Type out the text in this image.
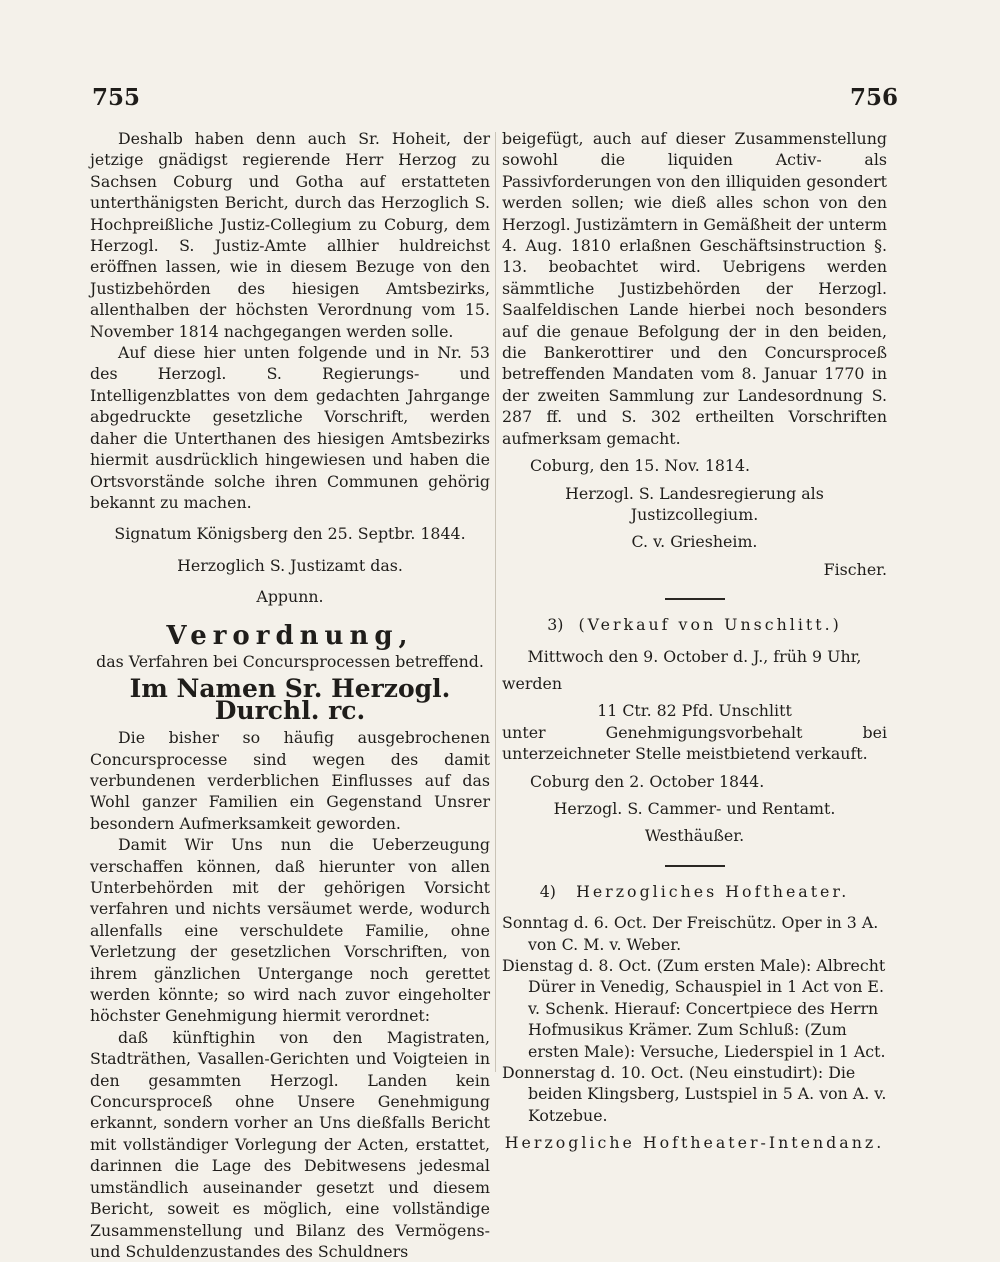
755	756

Deshalb haben denn auch Sr. Hoheit, der jetzige gnädigst regierende Herr Herzog zu Sachsen Coburg und Gotha auf erstatteten unterthänigsten Bericht, durch das Herzoglich S. Hochpreißliche Justiz-Collegium zu Coburg, dem Herzogl. S. Justiz-Amte allhier huldreichst eröffnen lassen, wie in diesem Bezuge von den Justizbehörden des hiesigen Amtsbezirks, allenthalben der höchsten Verordnung vom 15. November 1814 nachgegangen werden solle.

Auf diese hier unten folgende und in Nr. 53 des Herzogl. S. Regierungs- und Intelligenzblattes von dem gedachten Jahrgange abgedruckte gesetzliche Vorschrift, werden daher die Unterthanen des hiesigen Amtsbezirks hiermit ausdrücklich hingewiesen und haben die Ortsvorstände solche ihren Communen gehörig bekannt zu machen.

Signatum Königsberg den 25. Septbr. 1844.

Herzoglich S. Justizamt das.

Appunn.

Verordnung,

das Verfahren bei Concursprocessen betreffend.

Im Namen Sr. Herzogl. Durchl. rc.

Die bisher so häufig ausgebrochenen Concursprocesse sind wegen des damit verbundenen verderblichen Einflusses auf das Wohl ganzer Familien ein Gegenstand Unsrer besondern Aufmerksamkeit geworden.

Damit Wir Uns nun die Ueberzeugung verschaffen können, daß hierunter von allen Unterbehörden mit der gehörigen Vorsicht verfahren und nichts versäumet werde, wodurch allenfalls eine verschuldete Familie, ohne Verletzung der gesetzlichen Vorschriften, von ihrem gänzlichen Untergange noch gerettet werden könnte; so wird nach zuvor eingeholter höchster Genehmigung hiermit verordnet:

daß künftighin von den Magistraten, Stadträthen, Vasallen-Gerichten und Voigteien in den gesammten Herzogl. Landen kein Concursproceß ohne Unsere Genehmigung erkannt, sondern vorher an Uns dießfalls Bericht mit vollständiger Vorlegung der Acten, erstattet, darinnen die Lage des Debitwesens jedesmal umständlich auseinander gesetzt und diesem Bericht, soweit es möglich, eine vollständige Zusammenstellung und Bilanz des Vermögens- und Schuldenzustandes des Schuldners

beigefügt, auch auf dieser Zusammenstellung sowohl die liquiden Activ- als Passivforderungen von den illiquiden gesondert werden sollen; wie dieß alles schon von den Herzogl. Justizämtern in Gemäßheit der unterm 4. Aug. 1810 erlaßnen Geschäftsinstruction §. 13. beobachtet wird. Uebrigens werden sämmtliche Justizbehörden der Herzogl. Saalfeldischen Lande hierbei noch besonders auf die genaue Befolgung der in den beiden, die Bankerottirer und den Concursproceß betreffenden Mandaten vom 8. Januar 1770 in der zweiten Sammlung zur Landesordnung S. 287 ff. und S. 302 ertheilten Vorschriften aufmerksam gemacht.

Coburg, den 15. Nov. 1814.

Herzogl. S. Landesregierung als Justizcollegium.

C. v. Griesheim.

Fischer.

3) (Verkauf von Unschlitt.)

Mittwoch den 9. October d. J., früh 9 Uhr,

werden

11 Ctr. 82 Pfd. Unschlitt

unter Genehmigungsvorbehalt bei unterzeichneter Stelle meistbietend verkauft.

Coburg den 2. October 1844.

Herzogl. S. Cammer- und Rentamt.

Westhäußer.

4) Herzogliches Hoftheater.

Sonntag d. 6. Oct. Der Freischütz. Oper in 3 A. von C. M. v. Weber.

Dienstag d. 8. Oct. (Zum ersten Male): Albrecht Dürer in Venedig, Schauspiel in 1 Act von E. v. Schenk. Hierauf: Concertpiece des Herrn Hofmusikus Krämer. Zum Schluß: (Zum ersten Male): Versuche, Liederspiel in 1 Act.

Donnerstag d. 10. Oct. (Neu einstudirt): Die beiden Klingsberg, Lustspiel in 5 A. von A. v. Kotzebue.

Herzogliche Hoftheater-Intendanz.
